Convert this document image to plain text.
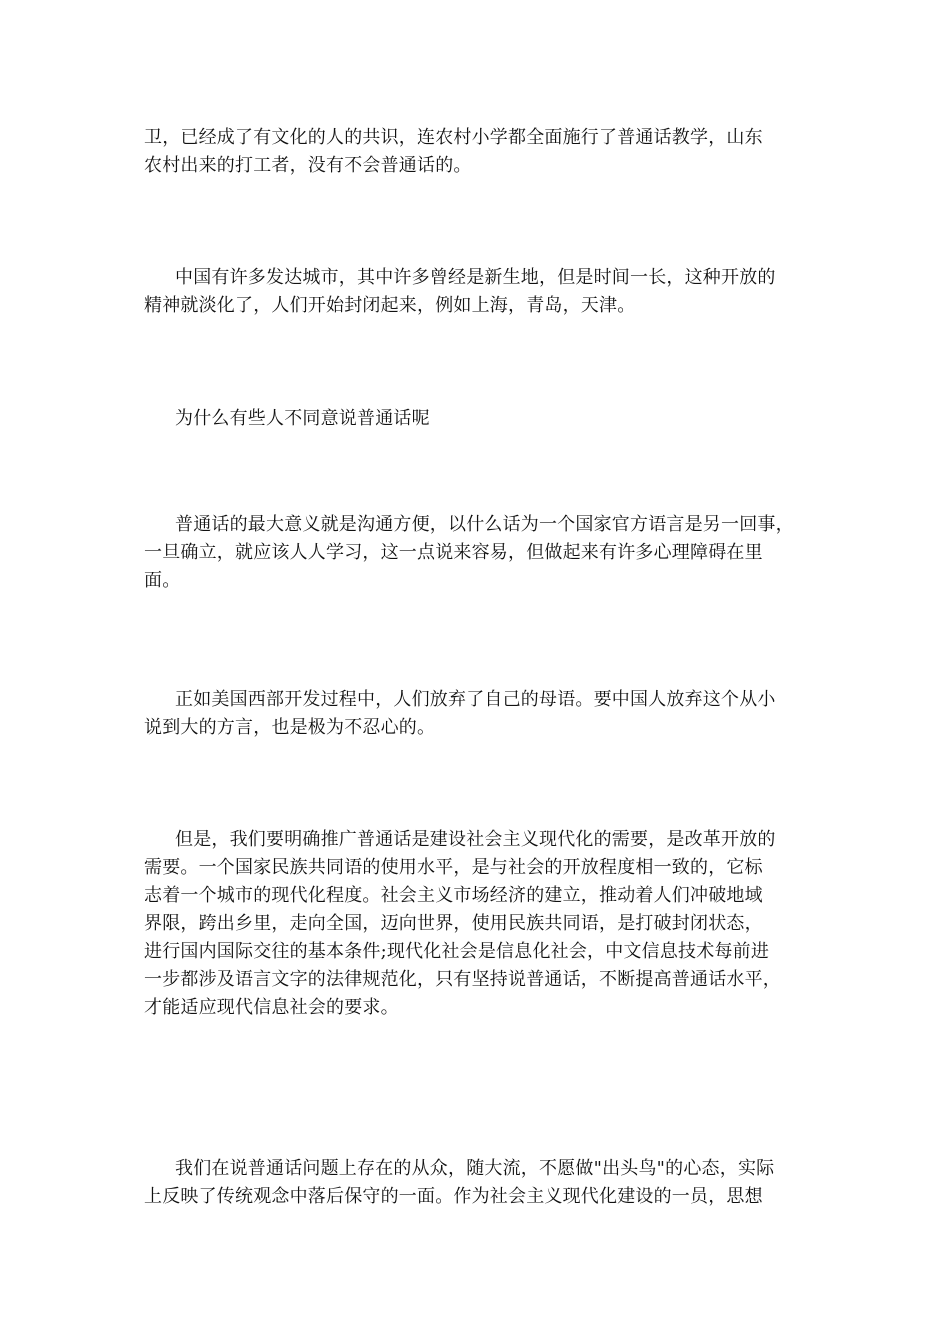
卫，已经成了有文化的人的共识，连农村小学都全面施行了普通话教学，山东
农村出来的打工者，没有不会普通话的。

中国有许多发达城市，其中许多曾经是新生地，但是时间一长，这种开放的
精神就淡化了，人们开始封闭起来，例如上海，青岛，天津。

为什么有些人不同意说普通话呢

普通话的最大意义就是沟通方便，以什么话为一个国家官方语言是另一回事，
一旦确立，就应该人人学习，这一点说来容易，但做起来有许多心理障碍在里
面。

正如美国西部开发过程中，人们放弃了自己的母语。要中国人放弃这个从小
说到大的方言，也是极为不忍心的。

但是，我们要明确推广普通话是建设社会主义现代化的需要，是改革开放的
需要。一个国家民族共同语的使用水平，是与社会的开放程度相一致的，它标
志着一个城市的现代化程度。社会主义市场经济的建立，推动着人们冲破地域
界限，跨出乡里，走向全国，迈向世界，使用民族共同语，是打破封闭状态，
进行国内国际交往的基本条件;现代化社会是信息化社会，中文信息技术每前进
一步都涉及语言文字的法律规范化，只有坚持说普通话，不断提高普通话水平，
才能适应现代信息社会的要求。

我们在说普通话问题上存在的从众，随大流，不愿做"出头鸟"的心态，实际
上反映了传统观念中落后保守的一面。作为社会主义现代化建设的一员，思想
